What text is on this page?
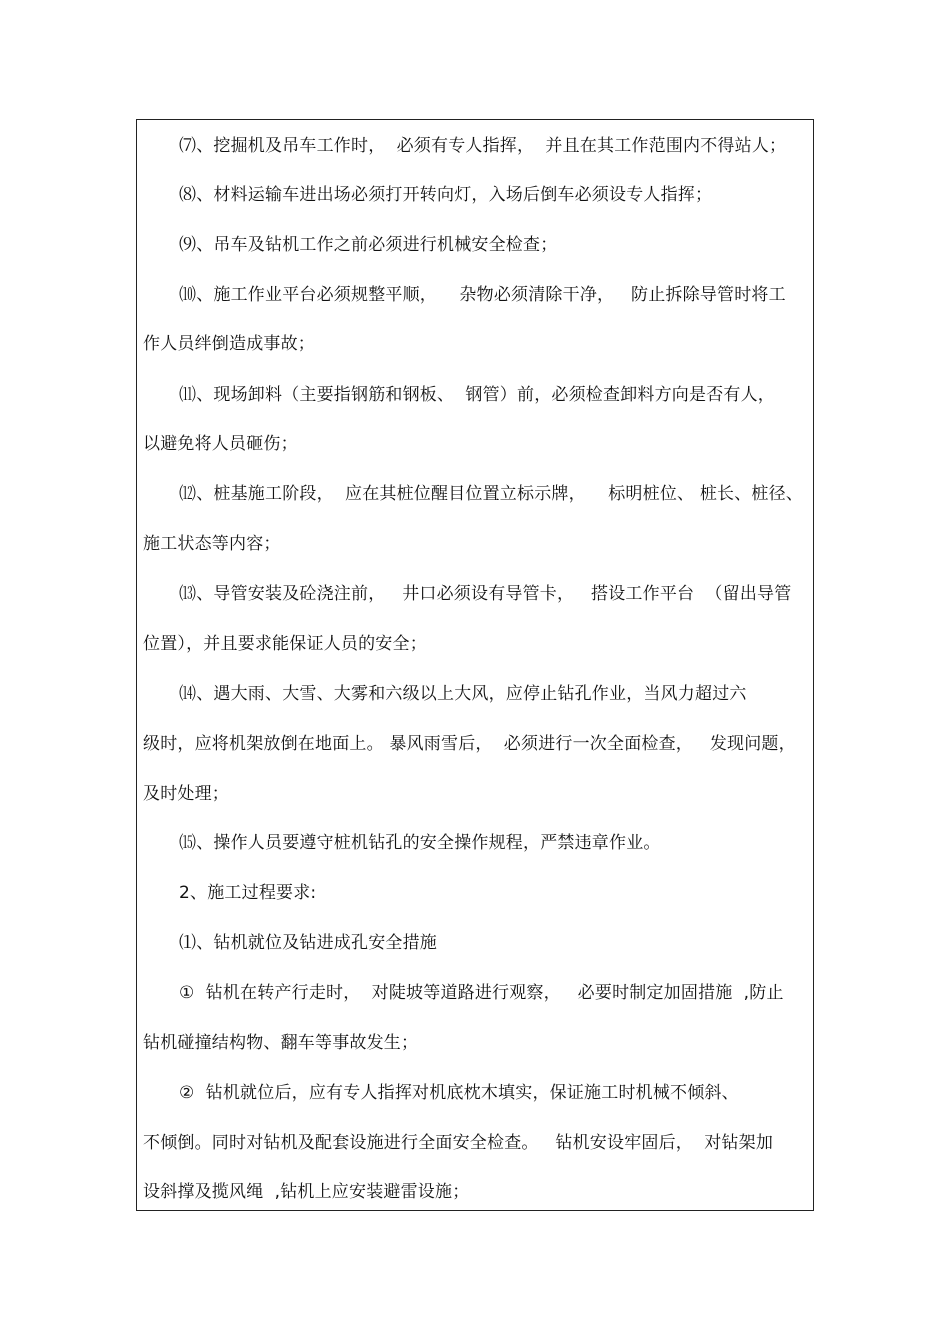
⑺、挖掘机及吊车工作时，  必须有专人指挥，  并且在其工作范围内不得站人；
⑻、材料运输车进出场必须打开转向灯，入场后倒车必须设专人指挥；
⑼、吊车及钻机工作之前必须进行机械安全检查；
⑽、施工作业平台必须规整平顺，    杂物必须清除干净，   防止拆除导管时将工
作人员绊倒造成事故；
⑾、现场卸料（主要指钢筋和钢板、  钢管）前，必须检查卸料方向是否有人，
以避免将人员砸伤；
⑿、桩基施工阶段，  应在其桩位醒目位置立标示牌，    标明桩位、 桩长、桩径、
施工状态等内容；
⒀、导管安装及砼浇注前，   井口必须设有导管卡，   搭设工作平台  （留出导管
位置），并且要求能保证人员的安全；
⒁、遇大雨、大雪、大雾和六级以上大风，应停止钻孔作业，当风力超过六
级时，应将机架放倒在地面上。 暴风雨雪后，  必须进行一次全面检查，   发现问题，
及时处理；
⒂、操作人员要遵守桩机钻孔的安全操作规程，严禁违章作业。
2、施工过程要求:
⑴、钻机就位及钻进成孔安全措施
①  钻机在转产行走时，  对陡坡等道路进行观察，   必要时制定加固措施  ,防止
钻机碰撞结构物、翻车等事故发生；
②  钻机就位后，应有专人指挥对机底枕木填实，保证施工时机械不倾斜、
不倾倒。同时对钻机及配套设施进行全面安全检查。   钻机安设牢固后，  对钻架加
设斜撑及揽风绳  ,钻机上应安装避雷设施；
